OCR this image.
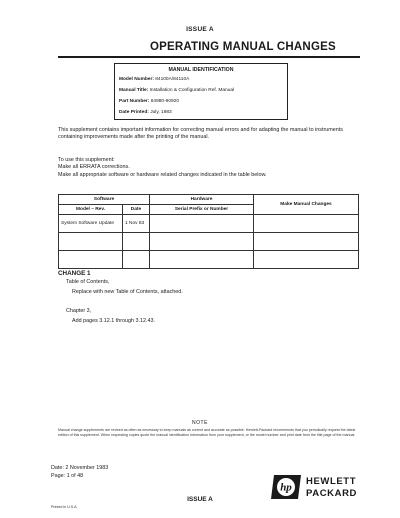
ISSUE A
OPERATING MANUAL CHANGES
MANUAL IDENTIFICATION
Model Number: 84100A/84110A
Manual Title: Installation & Configuration Ref. Manual
Part Number: 84980-90920
Date Printed: July, 1983
This supplement contains important information for correcting manual errors and for adapting the manual to instruments containing improvements made after the printing of the manual.
To use this supplement:
Make all ERRATA corrections.
Make all appropriate software or hardware related changes indicated in the table below.
Software		Hardware	Make Manual Changes
Model – Rev.	Date	Serial Prefix or Number	
System Software Update	1 Nov 83		

CHANGE 1
Table of Contents,
Replace with new Table of Contents, attached.
Chapter 3,
Add pages 3.12.1 through 3.12.43.
NOTE
Manual change supplements are revised as often as necessary to keep manuals as current and accurate as possible. Hewlett-Packard recommends that you periodically request the latest edition of this supplement. When requesting copies quote the manual identification information from your supplement, or the model number and print date from the title page of the manual.
Date: 2 November 1983
Page: 1 of 48
Printed in U.S.A.
ISSUE A
hp HEWLETT
PACKARD
